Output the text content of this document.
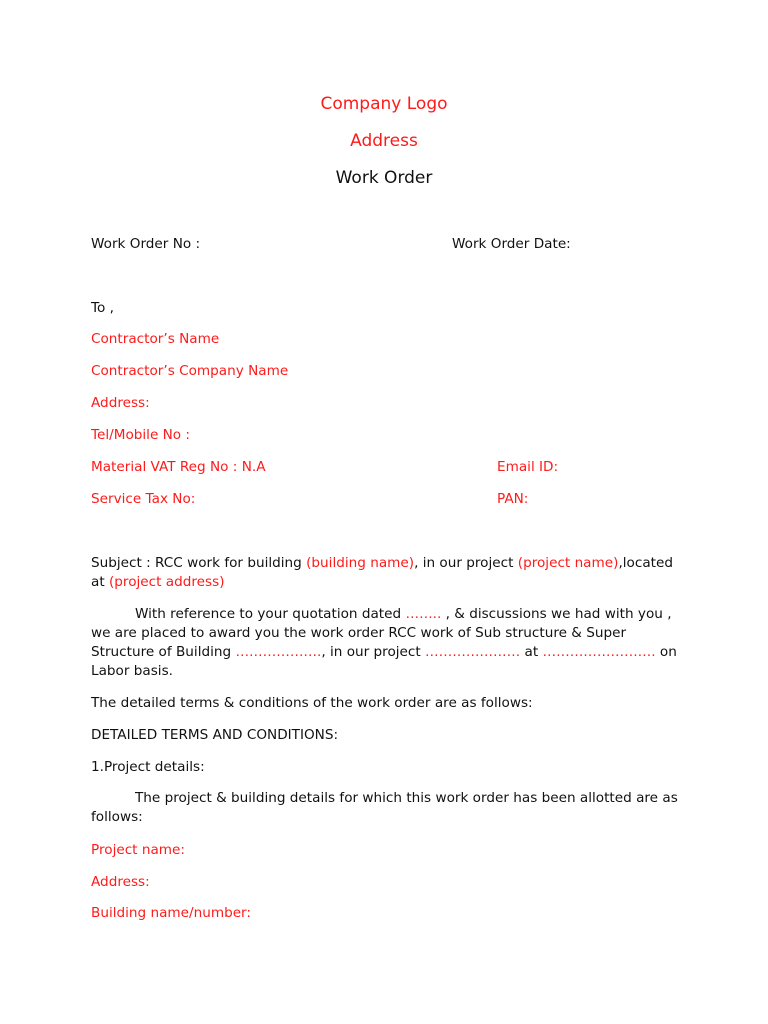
Company Logo
Address
Work Order
Work Order No :	Work Order Date:
To ,
Contractor’s Name
Contractor’s Company Name
Address:
Tel/Mobile No :
Material VAT Reg No : N.A	Email ID:
Service Tax No:	PAN:
Subject : RCC work for building (building name), in our project (project name),located at (project address)
With reference to your quotation dated …….. , & discussions we had with you , we are placed to award you the work order RCC work of Sub structure & Super Structure of Building ………………., in our project ………………… at ……………………. on Labor basis.
The detailed terms & conditions of the work order are as follows:
DETAILED TERMS AND CONDITIONS:
1.Project details:
The project & building details for which this work order has been allotted are as follows:
Project name:
Address:
Building name/number:
